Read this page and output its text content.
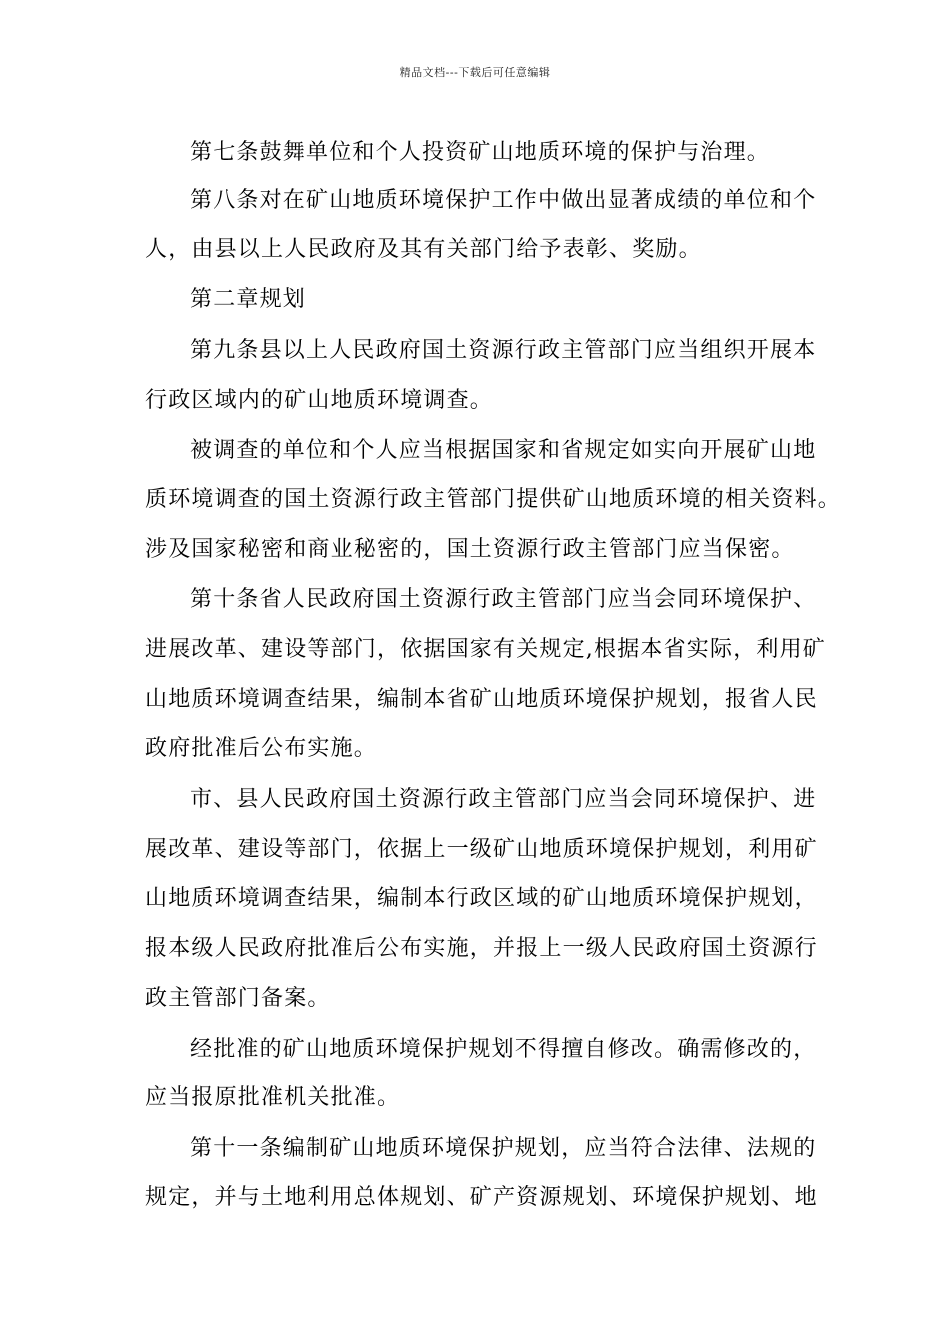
精品文档---下载后可任意编辑
第七条鼓舞单位和个人投资矿山地质环境的保护与治理。
第八条对在矿山地质环境保护工作中做出显著成绩的单位和个
人，由县以上人民政府及其有关部门给予表彰、奖励。
第二章规划
第九条县以上人民政府国土资源行政主管部门应当组织开展本
行政区域内的矿山地质环境调查。
被调查的单位和个人应当根据国家和省规定如实向开展矿山地
质环境调查的国土资源行政主管部门提供矿山地质环境的相关资料。
涉及国家秘密和商业秘密的，国土资源行政主管部门应当保密。
第十条省人民政府国土资源行政主管部门应当会同环境保护、
进展改革、建设等部门，依据国家有关规定,根据本省实际，利用矿
山地质环境调查结果，编制本省矿山地质环境保护规划，报省人民
政府批准后公布实施。
市、县人民政府国土资源行政主管部门应当会同环境保护、进
展改革、建设等部门，依据上一级矿山地质环境保护规划，利用矿
山地质环境调查结果，编制本行政区域的矿山地质环境保护规划，
报本级人民政府批准后公布实施，并报上一级人民政府国土资源行
政主管部门备案。
经批准的矿山地质环境保护规划不得擅自修改。确需修改的，
应当报原批准机关批准。
第十一条编制矿山地质环境保护规划，应当符合法律、法规的
规定，并与土地利用总体规划、矿产资源规划、环境保护规划、地
